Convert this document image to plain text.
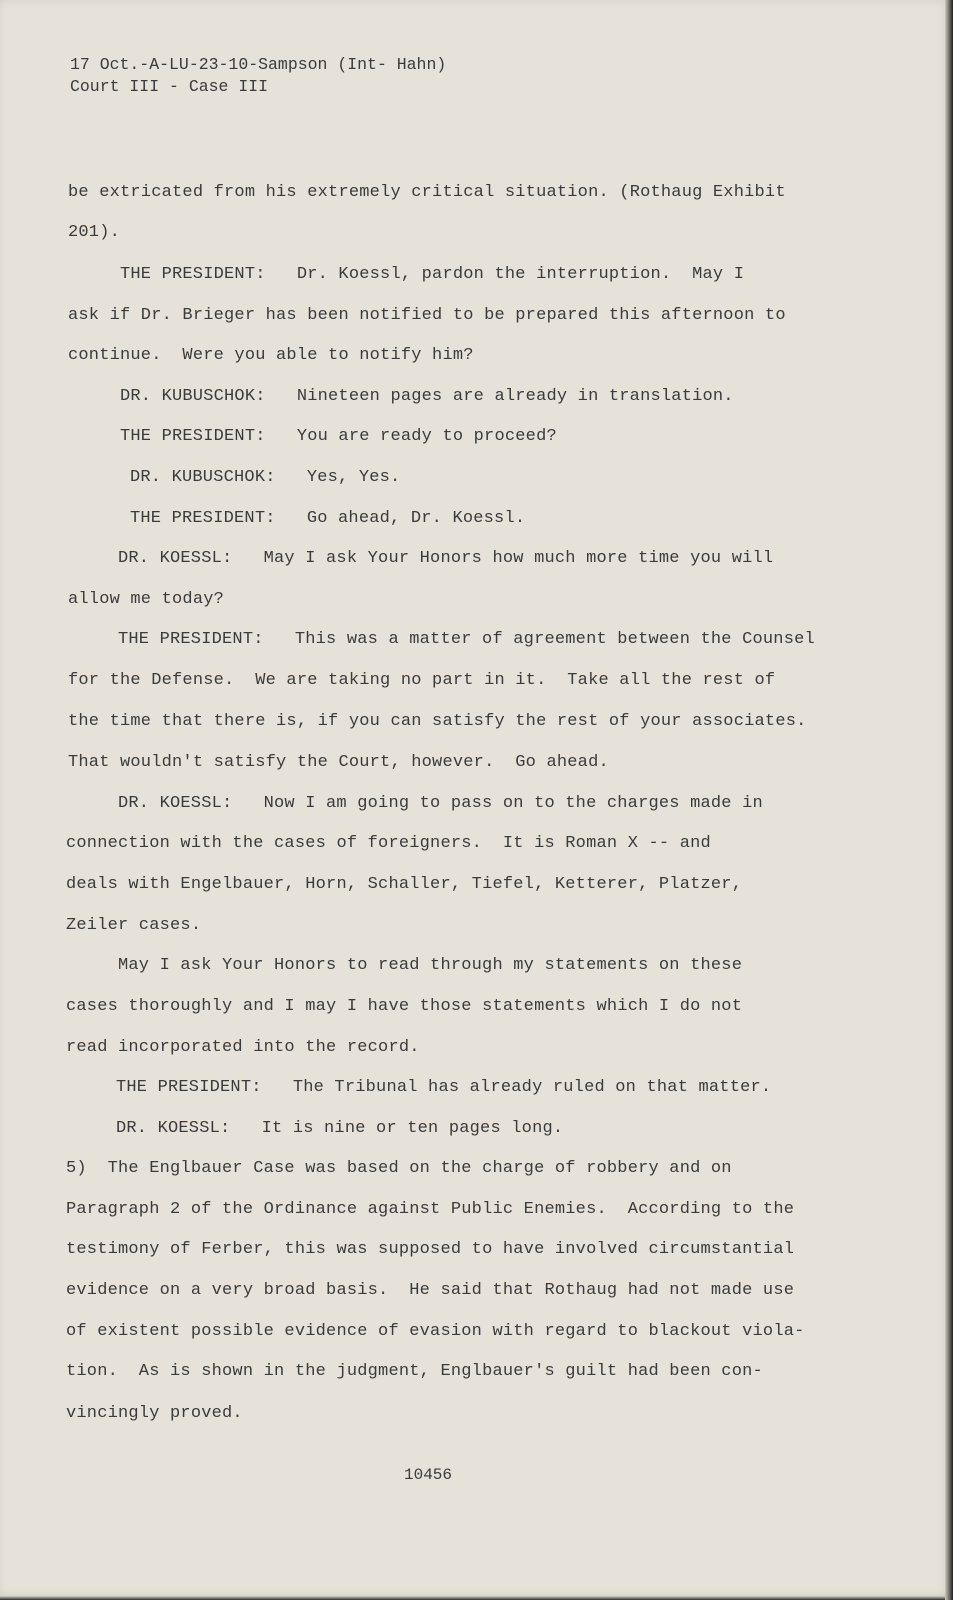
17 Oct.-A-LU-23-10-Sampson (Int- Hahn)
Court III - Case III
be extricated from his extremely critical situation. (Rothaug Exhibit
201).
THE PRESIDENT:   Dr. Koessl, pardon the interruption.  May I
ask if Dr. Brieger has been notified to be prepared this afternoon to
continue.  Were you able to notify him?
DR. KUBUSCHOK:   Nineteen pages are already in translation.
THE PRESIDENT:   You are ready to proceed?
DR. KUBUSCHOK:   Yes, Yes.
THE PRESIDENT:   Go ahead, Dr. Koessl.
DR. KOESSL:   May I ask Your Honors how much more time you will
allow me today?
THE PRESIDENT:   This was a matter of agreement between the Counsel
for the Defense.  We are taking no part in it.  Take all the rest of
the time that there is, if you can satisfy the rest of your associates.
That wouldn't satisfy the Court, however.  Go ahead.
DR. KOESSL:   Now I am going to pass on to the charges made in
connection with the cases of foreigners.  It is Roman X -- and
deals with Engelbauer, Horn, Schaller, Tiefel, Ketterer, Platzer,
Zeiler cases.
May I ask Your Honors to read through my statements on these
cases thoroughly and I may I have those statements which I do not
read incorporated into the record.
THE PRESIDENT:   The Tribunal has already ruled on that matter.
DR. KOESSL:   It is nine or ten pages long.
5)  The Englbauer Case was based on the charge of robbery and on
Paragraph 2 of the Ordinance against Public Enemies.  According to the
testimony of Ferber, this was supposed to have involved circumstantial
evidence on a very broad basis.  He said that Rothaug had not made use
of existent possible evidence of evasion with regard to blackout viola-
tion.  As is shown in the judgment, Englbauer's guilt had been con-
vincingly proved.
10456
